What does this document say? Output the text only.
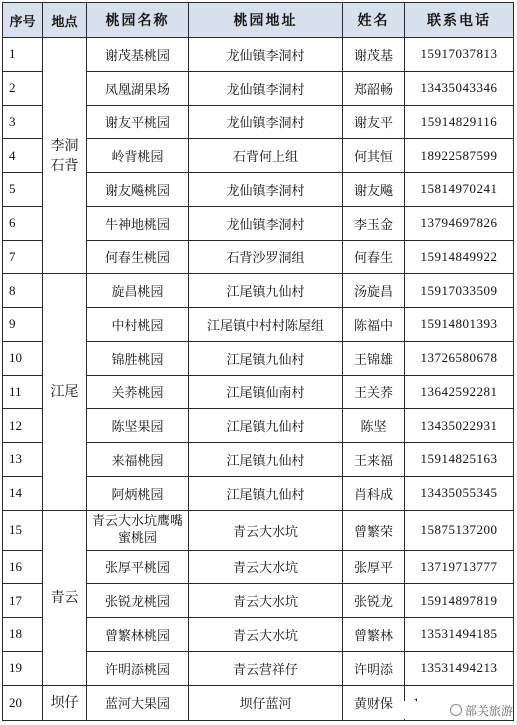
序号	地点	桃园名称	桃园地址	姓名	联系电话
1	李洞石背	谢茂基桃园	龙仙镇李洞村	谢茂基	15917037813
2		凤凰湖果场	龙仙镇李洞村	郑韶畅	13435043346
3		谢友平桃园	龙仙镇李洞村	谢友平	15914829116
4		岭背桃园	石背何上组	何其恒	18922587599
5		谢友飚桃园	龙仙镇李洞村	谢友飚	15814970241
6		牛神地桃园	龙仙镇李洞村	李玉金	13794697826
7		何春生桃园	石背沙罗洞组	何春生	15914849922
8	江尾	旋昌桃园	江尾镇九仙村	汤旋昌	15917033509
9		中村桃园	江尾镇中村村陈屋组	陈福中	15914801393
10		锦胜桃园	江尾镇九仙村	王锦雄	13726580678
11		关荞桃园	江尾镇仙南村	王关荞	13642592281
12		陈坚果园	江尾镇九仙村	陈坚	13435022931
13		来福桃园	江尾镇九仙村	王来福	15914825163
14		阿炳桃园	江尾镇九仙村	肖科成	13435055345
15	青云	青云大水坑鹰嘴蜜桃园	青云大水坑	曾繁荣	15875137200
16		张厚平桃园	青云大水坑	张厚平	13719713777
17		张锐龙桃园	青云大水坑	张锐龙	15914897819
18		曾繁林桃园	青云大水坑	曾繁林	13531494185
19		许明添桃园	青云营祥仔	许明添	13531494213
20	坝仔	蓝河大果园	坝仔蓝河	黄财保		部关旅游
